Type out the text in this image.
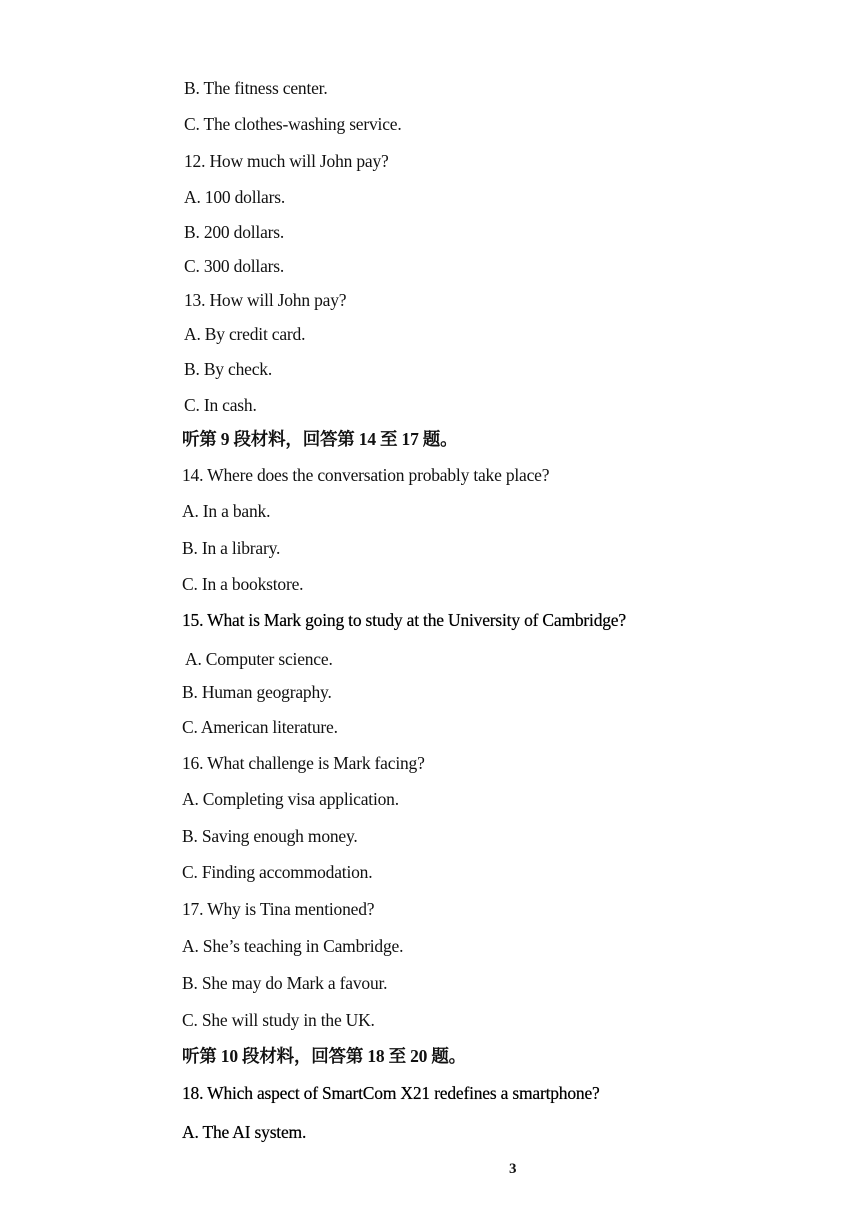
B. The fitness center.
C. The clothes-washing service.
12. How much will John pay?
A. 100 dollars.
B. 200 dollars.
C. 300 dollars.
13. How will John pay?
A. By credit card.
B. By check.
C. In cash.
听第 9 段材料，回答第 14 至 17 题。
14. Where does the conversation probably take place?
A. In a bank.
B. In a library.
C. In a bookstore.
15. What is Mark going to study at the University of Cambridge?
A. Computer science.
B. Human geography.
C. American literature.
16. What challenge is Mark facing?
A. Completing visa application.
B. Saving enough money.
C. Finding accommodation.
17. Why is Tina mentioned?
A. She’s teaching in Cambridge.
B. She may do Mark a favour.
C. She will study in the UK.
听第 10 段材料，回答第 18 至 20 题。
18. Which aspect of SmartCom X21 redefines a smartphone?
A. The AI system.
3
